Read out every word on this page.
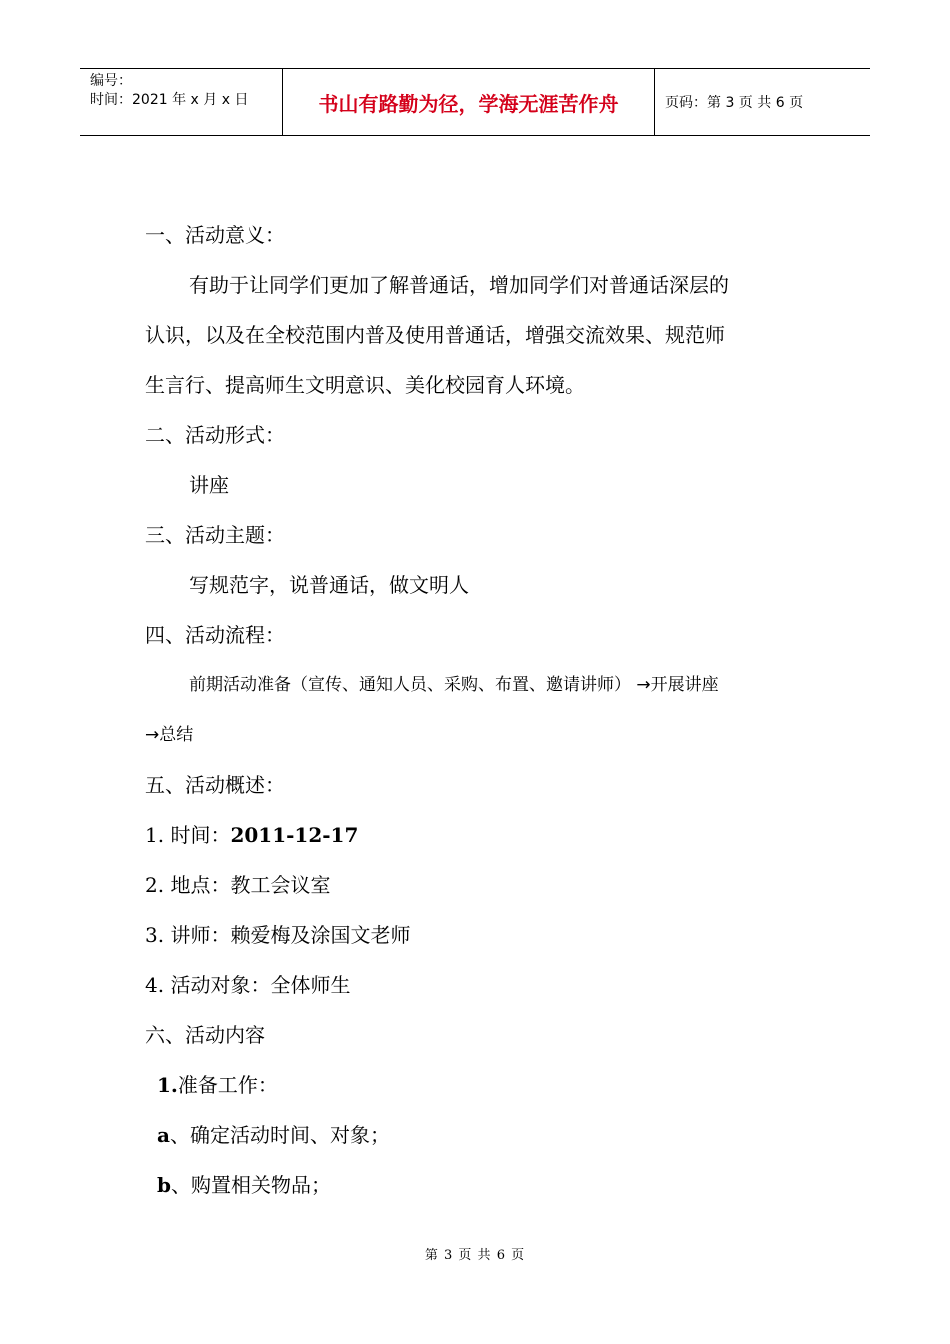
编号：
时间：2021 年 x 月 x 日	书山有路勤为径，学海无涯苦作舟	页码：第 3 页 共 6 页
一、活动意义：
有助于让同学们更加了解普通话，增加同学们对普通话深层的
认识，以及在全校范围内普及使用普通话，增强交流效果、规范师
生言行、提高师生文明意识、美化校园育人环境。
二、活动形式：
讲座
三、活动主题：
写规范字，说普通话，做文明人
四、活动流程：
前期活动准备（宣传、通知人员、采购、布置、邀请讲师） →开展讲座
→总结
五、活动概述：
1. 时间：2011-12-17
2. 地点：教工会议室
3. 讲师：赖爱梅及涂国文老师
4. 活动对象：全体师生
六、活动内容
1.准备工作：
a、确定活动时间、对象；
b、购置相关物品；
第 3 页 共 6 页
